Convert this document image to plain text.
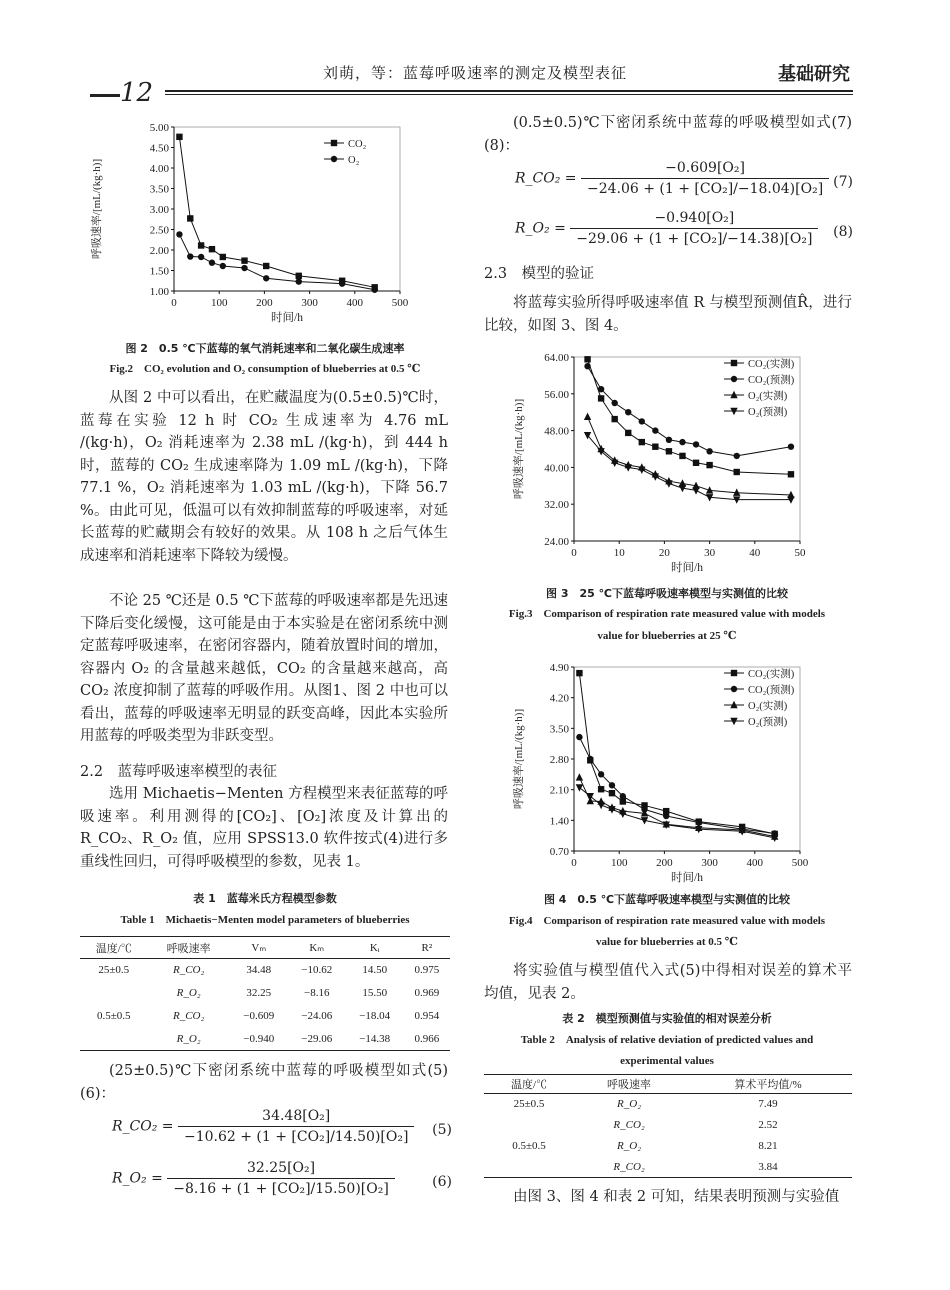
刘萌，等：蓝莓呼吸速率的测定及模型表征	基础研究
12
0	100	200	300	400	500
1.00
1.50
2.00
2.50
3.00
3.50
4.00
4.50
5.00
时间/h
呼吸速率/[mL/(kg·h)]
CO₂
O₂
图 2　0.5 ℃下蓝莓的氧气消耗速率和二氧化碳生成速率
Fig.2　CO₂ evolution and O₂ consumption of blueberries at 0.5 ℃
从图 2 中可以看出，在贮藏温度为(0.5±0.5)℃时，蓝莓在实验 12 h 时 CO₂ 生成速率为 4.76 mL /(kg·h)，O₂ 消耗速率为 2.38 mL /(kg·h)，到 444 h 时，蓝莓的 CO₂ 生成速率降为 1.09 mL /(kg·h)，下降 77.1 %，O₂ 消耗速率为 1.03 mL /(kg·h)，下降 56.7 %。由此可见，低温可以有效抑制蓝莓的呼吸速率，对延长蓝莓的贮藏期会有较好的效果。从 108 h 之后气体生成速率和消耗速率下降较为缓慢。
不论 25 ℃还是 0.5 ℃下蓝莓的呼吸速率都是先迅速下降后变化缓慢，这可能是由于本实验是在密闭系统中测定蓝莓呼吸速率，在密闭容器内，随着放置时间的增加，容器内 O₂ 的含量越来越低，CO₂ 的含量越来越高，高 CO₂ 浓度抑制了蓝莓的呼吸作用。从图1、图 2 中也可以看出，蓝莓的呼吸速率无明显的跃变高峰，因此本实验所用蓝莓的呼吸类型为非跃变型。
2.2　蓝莓呼吸速率模型的表征
选用 Michaetis−Menten 方程模型来表征蓝莓的呼吸速率。利用测得的[CO₂]、[O₂]浓度及计算出的 R_CO₂、R_O₂ 值，应用 SPSS13.0 软件按式(4)进行多重线性回归，可得呼吸模型的参数，见表 1。
表 1　蓝莓米氏方程模型参数
Table 1　Michaetis−Menten model parameters of blueberries
温度/℃	呼吸速率	Vₘ	Kₘ	Kᵢ	R²
25±0.5	R_CO₂	34.48	−10.62	14.50	0.975
	R_O₂	32.25	−8.16	15.50	0.969
0.5±0.5	R_CO₂	−0.609	−24.06	−18.04	0.954
	R_O₂	−0.940	−29.06	−14.38	0.966
(25±0.5)℃下密闭系统中蓝莓的呼吸模型如式(5)(6)：
R_CO₂ = $\frac{\text{34.48[O₂]}}{\text{−10.62 + (1 + [CO₂]/14.50)[O₂]}} (5)$
R_O₂ = $\frac{\text{32.25[O₂]}}{\text{−8.16 + (1 + [CO₂]/15.50)[O₂]}}$	(6)
(0.5±0.5)℃下密闭系统中蓝莓的呼吸模型如式(7)(8)：
R_CO₂ = $\frac{\text{−0.609[O₂]}}{\text{−24.06 + (1 + [CO₂]/−18.04)[O₂]}} (7)$
R_O₂ = $\frac{\text{−0.940[O₂]}}{\text{−29.06 + (1 + [CO₂]/−14.38)[O₂]}} (8)$
2.3　模型的验证
将蓝莓实验所得呼吸速率值 R 与模型预测值R̂，进行比较，如图 3、图 4。
0	10	20	30	40	50
24.00
32.00
40.00
48.00
56.00
64.00
时间/h
呼吸速率/[mL/(kg·h)]
CO₂(实测)
CO₂(预测)
O₂(实测)
O₂(预测)
图 3　25 ℃下蓝莓呼吸速率模型与实测值的比较
Fig.3　Comparison of respiration rate measured value with models
value for blueberries at 25 ℃
0	100	200	300	400	500
0.70
1.40
2.10
2.80
3.50
4.20
4.90
时间/h
呼吸速率/[mL/(kg·h)]
CO₂(实测)
CO₂(预测)
O₂(实测)
O₂(预测)
图 4　0.5 ℃下蓝莓呼吸速率模型与实测值的比较
Fig.4　Comparison of respiration rate measured value with models
value for blueberries at 0.5 ℃
将实验值与模型值代入式(5)中得相对误差的算术平均值，见表 2。
表 2　模型预测值与实验值的相对误差分析
Table 2　Analysis of relative deviation of predicted values and
experimental values
温度/℃	呼吸速率	算术平均值/%
25±0.5	R_O₂	7.49
	R_CO₂	2.52
0.5±0.5	R_O₂	8.21
	R_CO₂	3.84
由图 3、图 4 和表 2 可知，结果表明预测与实验值
